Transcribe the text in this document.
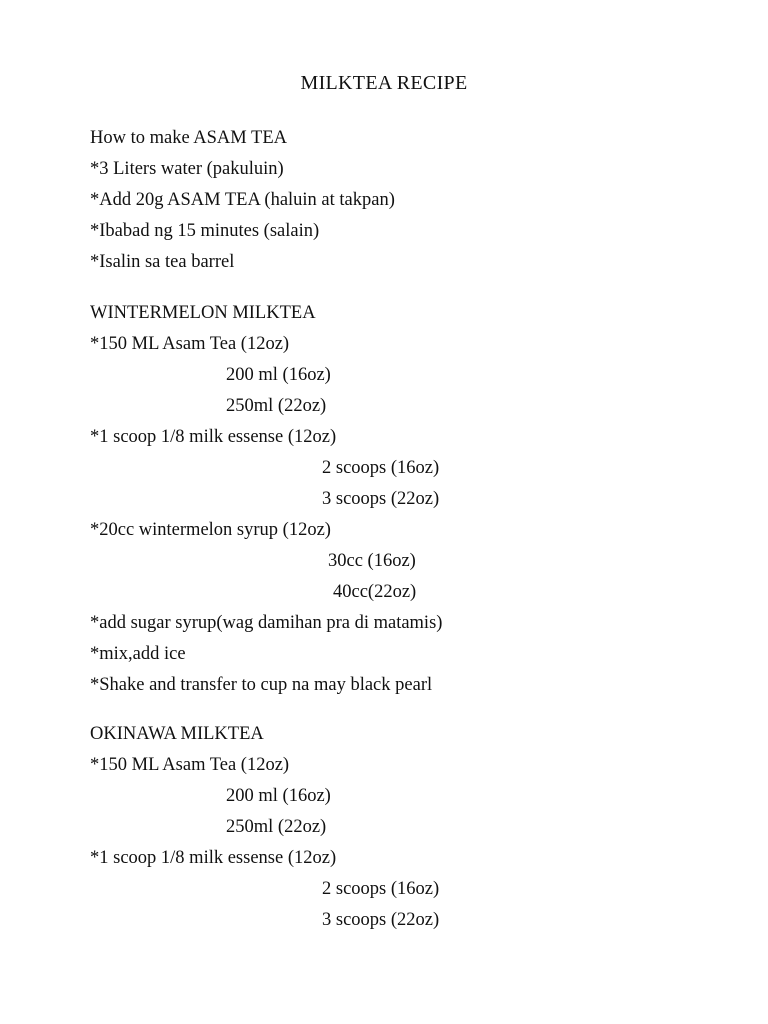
MILKTEA RECIPE
How to make ASAM TEA
*3 Liters water (pakuluin)
*Add 20g ASAM TEA (haluin at takpan)
*Ibabad ng 15 minutes (salain)
*Isalin sa tea barrel
WINTERMELON MILKTEA
*150 ML Asam Tea (12oz)
200 ml (16oz)
250ml (22oz)
*1 scoop 1/8 milk essense (12oz)
2 scoops (16oz)
3 scoops (22oz)
*20cc wintermelon syrup (12oz)
30cc (16oz)
40cc(22oz)
*add sugar syrup(wag damihan pra di matamis)
*mix,add ice
*Shake and transfer to cup na may black pearl
OKINAWA MILKTEA
*150 ML Asam Tea (12oz)
200 ml (16oz)
250ml (22oz)
*1 scoop 1/8 milk essense (12oz)
2 scoops (16oz)
3 scoops (22oz)
